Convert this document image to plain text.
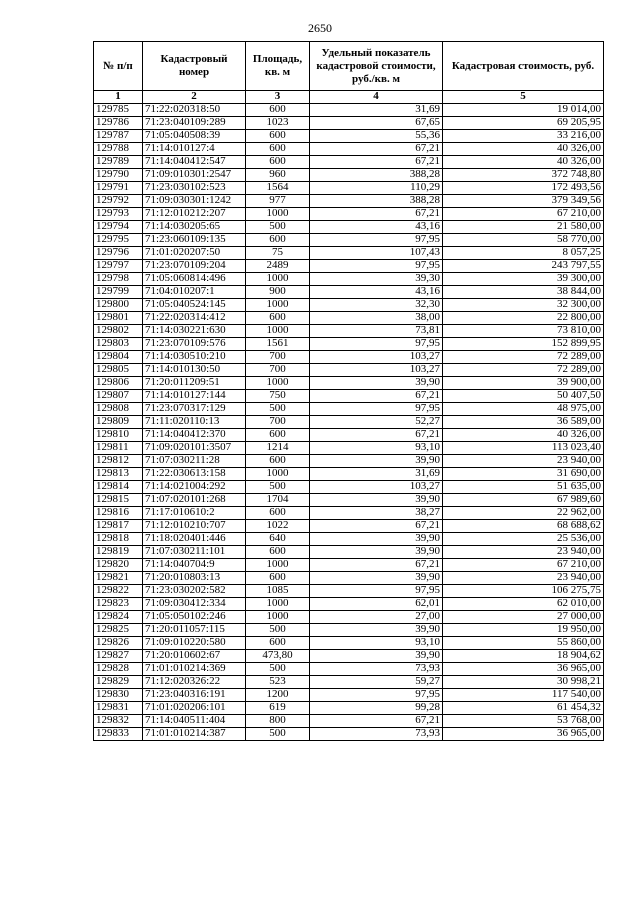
2650
№ п/п	Кадастровый номер	Площадь, кв. м	Удельный показатель кадастровой стоимости, руб./кв. м	Кадастровая стоимость, руб.
1	2	3	4	5
129785	71:22:020318:50	600	31,69	19 014,00
129786	71:23:040109:289	1023	67,65	69 205,95
129787	71:05:040508:39	600	55,36	33 216,00
129788	71:14:010127:4	600	67,21	40 326,00
129789	71:14:040412:547	600	67,21	40 326,00
129790	71:09:010301:2547	960	388,28	372 748,80
129791	71:23:030102:523	1564	110,29	172 493,56
129792	71:09:030301:1242	977	388,28	379 349,56
129793	71:12:010212:207	1000	67,21	67 210,00
129794	71:14:030205:65	500	43,16	21 580,00
129795	71:23:060109:135	600	97,95	58 770,00
129796	71:01:020207:50	75	107,43	8 057,25
129797	71:23:070109:204	2489	97,95	243 797,55
129798	71:05:060814:496	1000	39,30	39 300,00
129799	71:04:010207:1	900	43,16	38 844,00
129800	71:05:040524:145	1000	32,30	32 300,00
129801	71:22:020314:412	600	38,00	22 800,00
129802	71:14:030221:630	1000	73,81	73 810,00
129803	71:23:070109:576	1561	97,95	152 899,95
129804	71:14:030510:210	700	103,27	72 289,00
129805	71:14:010130:50	700	103,27	72 289,00
129806	71:20:011209:51	1000	39,90	39 900,00
129807	71:14:010127:144	750	67,21	50 407,50
129808	71:23:070317:129	500	97,95	48 975,00
129809	71:11:020110:13	700	52,27	36 589,00
129810	71:14:040412:370	600	67,21	40 326,00
129811	71:09:020101:3507	1214	93,10	113 023,40
129812	71:07:030211:28	600	39,90	23 940,00
129813	71:22:030613:158	1000	31,69	31 690,00
129814	71:14:021004:292	500	103,27	51 635,00
129815	71:07:020101:268	1704	39,90	67 989,60
129816	71:17:010610:2	600	38,27	22 962,00
129817	71:12:010210:707	1022	67,21	68 688,62
129818	71:18:020401:446	640	39,90	25 536,00
129819	71:07:030211:101	600	39,90	23 940,00
129820	71:14:040704:9	1000	67,21	67 210,00
129821	71:20:010803:13	600	39,90	23 940,00
129822	71:23:030202:582	1085	97,95	106 275,75
129823	71:09:030412:334	1000	62,01	62 010,00
129824	71:05:050102:246	1000	27,00	27 000,00
129825	71:20:011057:115	500	39,90	19 950,00
129826	71:09:010220:580	600	93,10	55 860,00
129827	71:20:010602:67	473,80	39,90	18 904,62
129828	71:01:010214:369	500	73,93	36 965,00
129829	71:12:020326:22	523	59,27	30 998,21
129830	71:23:040316:191	1200	97,95	117 540,00
129831	71:01:020206:101	619	99,28	61 454,32
129832	71:14:040511:404	800	67,21	53 768,00
129833	71:01:010214:387	500	73,93	36 965,00
